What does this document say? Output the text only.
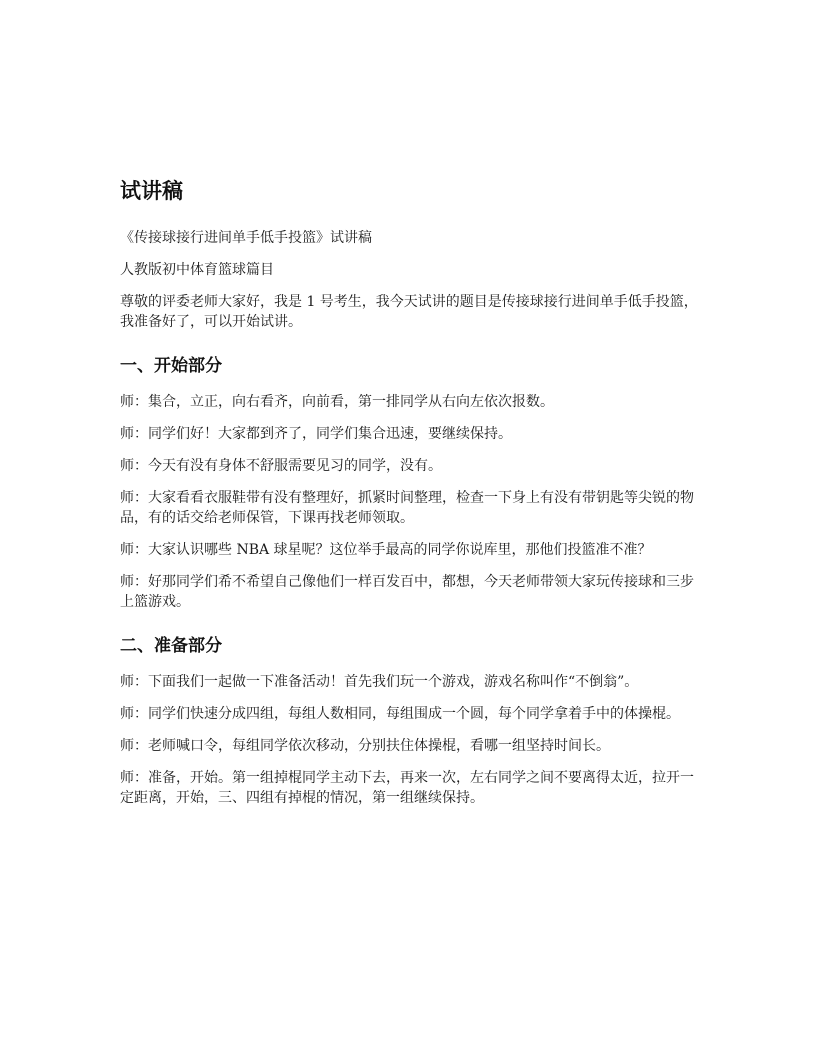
试讲稿

《传接球接行进间单手低手投篮》试讲稿

人教版初中体育篮球篇目

尊敬的评委老师大家好，我是 1 号考生，我今天试讲的题目是传接球接行进间单手低手投篮，我准备好了，可以开始试讲。

一、开始部分

师：集合，立正，向右看齐，向前看，第一排同学从右向左依次报数。

师：同学们好！大家都到齐了，同学们集合迅速，要继续保持。

师：今天有没有身体不舒服需要见习的同学，没有。

师：大家看看衣服鞋带有没有整理好，抓紧时间整理，检查一下身上有没有带钥匙等尖锐的物品，有的话交给老师保管，下课再找老师领取。

师：大家认识哪些 NBA 球星呢？这位举手最高的同学你说库里，那他们投篮准不准？

师：好那同学们希不希望自己像他们一样百发百中，都想，今天老师带领大家玩传接球和三步上篮游戏。

二、准备部分

师：下面我们一起做一下准备活动！首先我们玩一个游戏，游戏名称叫作“不倒翁”。

师：同学们快速分成四组，每组人数相同，每组围成一个圆，每个同学拿着手中的体操棍。

师：老师喊口令，每组同学依次移动，分别扶住体操棍，看哪一组坚持时间长。

师：准备，开始。第一组掉棍同学主动下去，再来一次，左右同学之间不要离得太近，拉开一定距离，开始，三、四组有掉棍的情况，第一组继续保持。
